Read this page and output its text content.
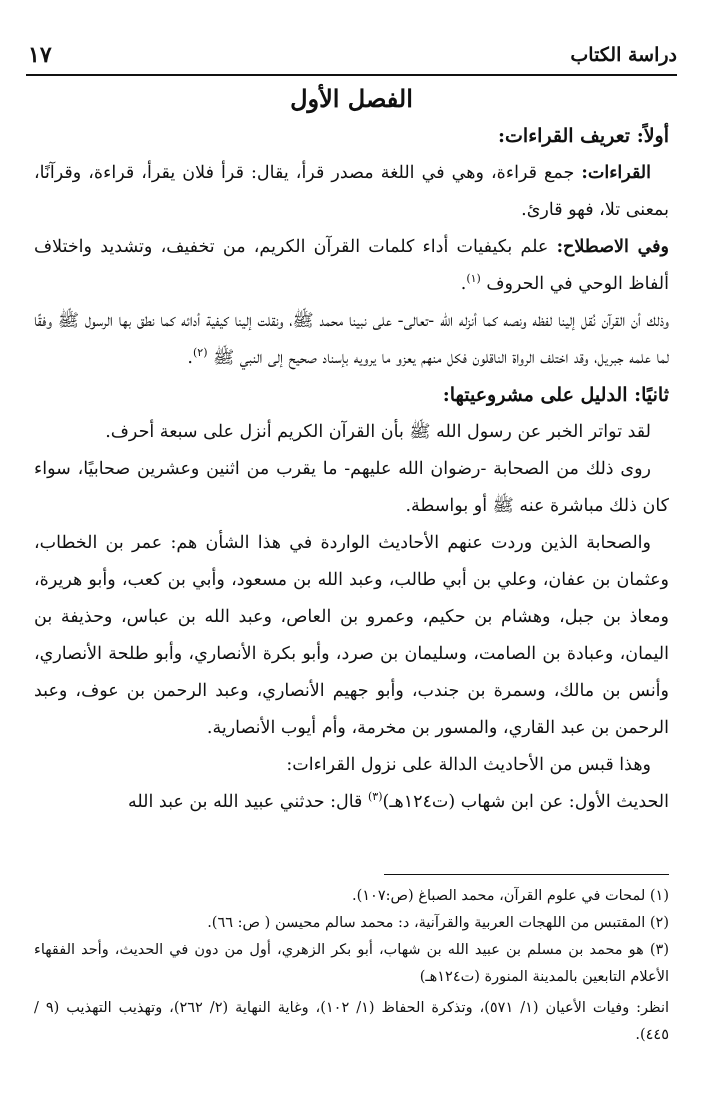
دراسة الكتاب
١٧
الفصل الأول

أولاً: تعريف القراءات:

القراءات: جمع قراءة، وهي في اللغة مصدر قرأ، يقال: قرأ فلان يقرأ، قراءة، وقرآنًا، بمعنى تلا، فهو قارئ.

وفي الاصطلاح: علم بكيفيات أداء كلمات القرآن الكريم، من تخفيف، وتشديد واختلاف ألفاظ الوحي في الحروف $^{(١)}$.

وذلك أن القرآن نُقل إلينا لفظه ونصه كما أنزله الله -تعالى- على نبينا محمد ﷺ، ونقلت إلينا كيفية أدائه كما نطق بها الرسول ﷺ وفقًا لما علمه جبريل، وقد اختلف الرواة الناقلون فكل منهم يعزو ما يرويه بإسناد صحيح إلى النبي ﷺ $^{(٢)}$.

ثانيًا: الدليل على مشروعيتها:

لقد تواتر الخبر عن رسول الله ﷺ بأن القرآن الكريم أنزل على سبعة أحرف.

روى ذلك من الصحابة -رضوان الله عليهم- ما يقرب من اثنين وعشرين صحابيًا، سواء كان ذلك مباشرة عنه ﷺ أو بواسطة.

والصحابة الذين وردت عنهم الأحاديث الواردة في هذا الشأن هم: عمر بن الخطاب، وعثمان بن عفان، وعلي بن أبي طالب، وعبد الله بن مسعود، وأبي بن كعب، وأبو هريرة، ومعاذ بن جبل، وهشام بن حكيم، وعمرو بن العاص، وعبد الله بن عباس، وحذيفة بن اليمان، وعبادة بن الصامت، وسليمان بن صرد، وأبو بكرة الأنصاري، وأبو طلحة الأنصاري، وأنس بن مالك، وسمرة بن جندب، وأبو جهيم الأنصاري، وعبد الرحمن بن عوف، وعبد الرحمن بن عبد القاري، والمسور بن مخرمة، وأم أيوب الأنصارية.

وهذا قبس من الأحاديث الدالة على نزول القراءات:

الحديث الأول: عن ابن شهاب (ت١٢٤هـ)$^{(٣)}$ قال: حدثني عبيد الله بن عبد الله

(١) لمحات في علوم القرآن، محمد الصباغ (ص:١٠٧).

(٢) المقتبس من اللهجات العربية والقرآنية، د: محمد سالم محيسن ( ص: ٦٦).

(٣) هو محمد بن مسلم بن عبيد الله بن شهاب، أبو بكر الزهري، أول من دون في الحديث، وأحد الفقهاء الأعلام التابعين بالمدينة المنورة (ت١٢٤هـ)

انظر: وفيات الأعيان (١/ ٥٧١)، وتذكرة الحفاظ (١/ ١٠٢)، وغاية النهاية (٢/ ٢٦٢)، وتهذيب التهذيب (٩ / ٤٤٥).
